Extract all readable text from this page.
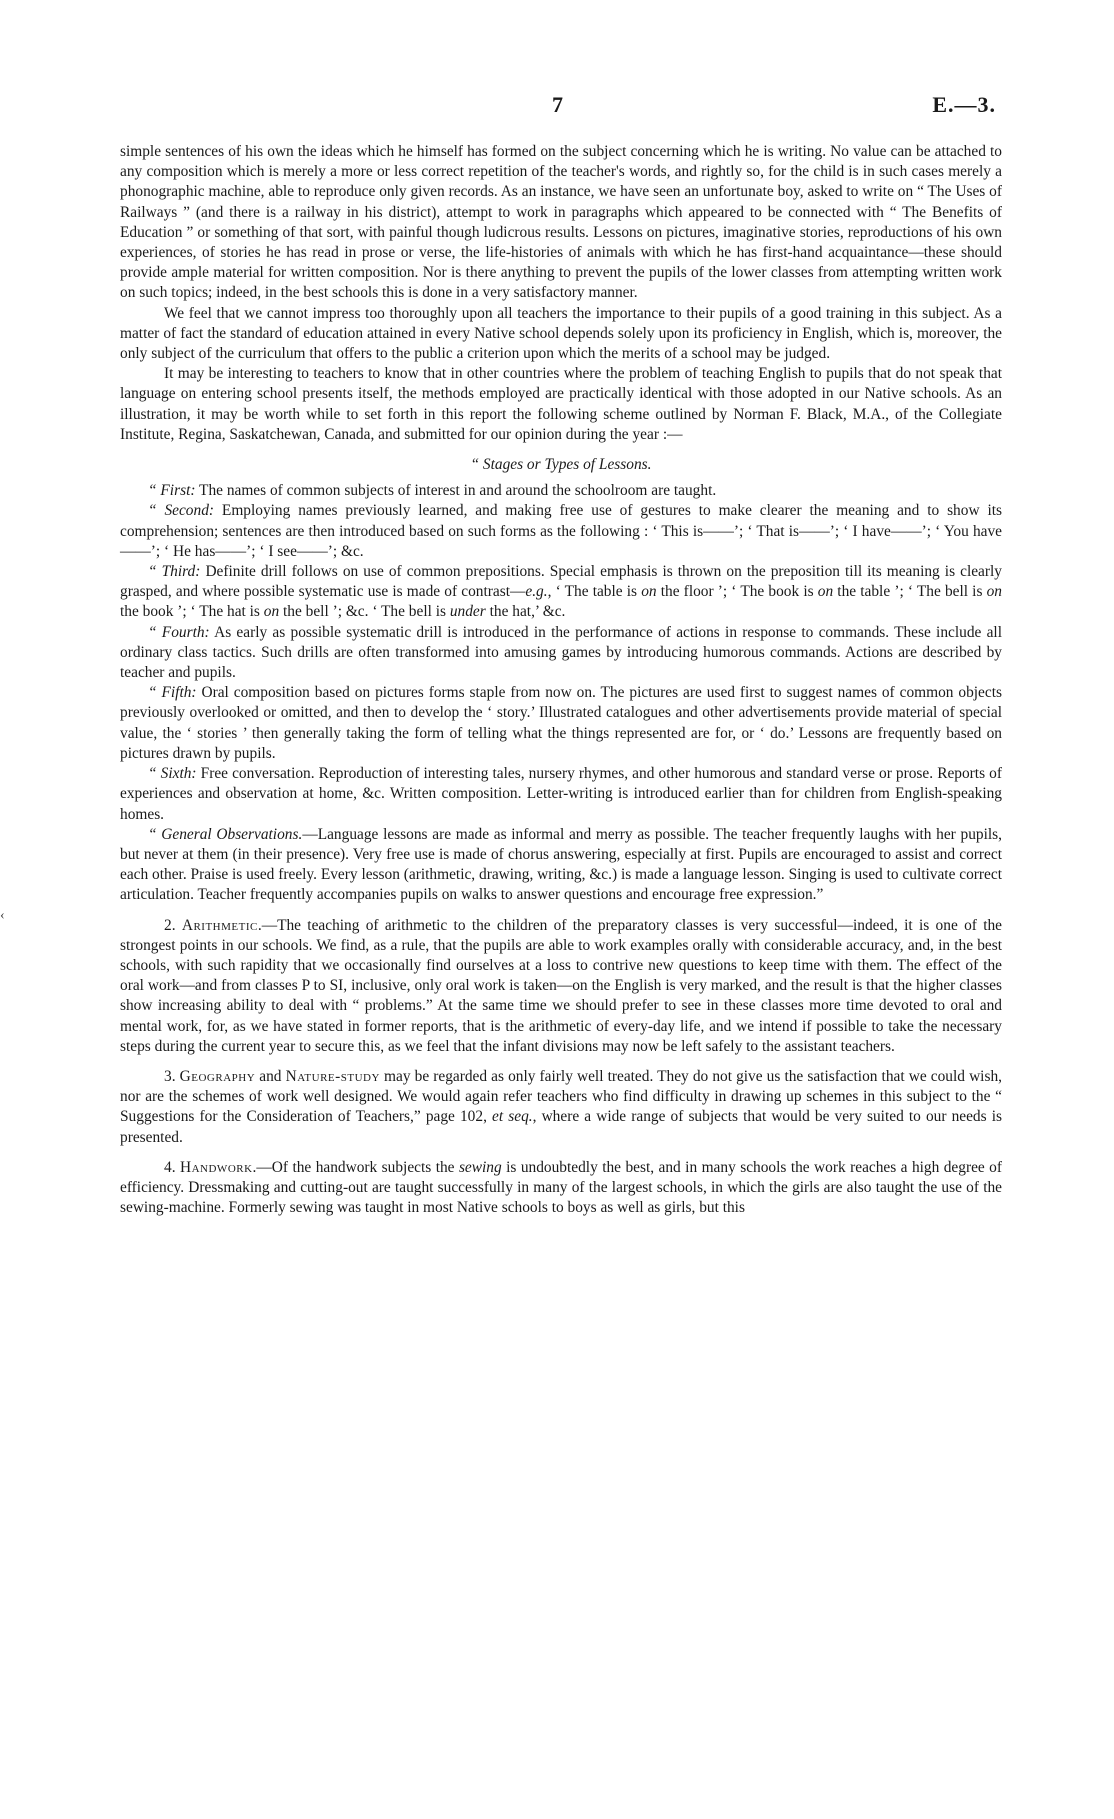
7	E.—3.
‹

simple sentences of his own the ideas which he himself has formed on the subject concerning which he is writing. No value can be attached to any composition which is merely a more or less correct repetition of the teacher's words, and rightly so, for the child is in such cases merely a phonographic machine, able to reproduce only given records. As an instance, we have seen an unfortunate boy, asked to write on “ The Uses of Railways ” (and there is a railway in his district), attempt to work in paragraphs which appeared to be connected with “ The Benefits of Education ” or something of that sort, with painful though ludicrous results. Lessons on pictures, imaginative stories, reproductions of his own experiences, of stories he has read in prose or verse, the life-histories of animals with which he has first-hand acquaintance—these should provide ample material for written composition. Nor is there anything to prevent the pupils of the lower classes from attempting written work on such topics; indeed, in the best schools this is done in a very satisfactory manner.

We feel that we cannot impress too thoroughly upon all teachers the importance to their pupils of a good training in this subject. As a matter of fact the standard of education attained in every Native school depends solely upon its proficiency in English, which is, moreover, the only subject of the curriculum that offers to the public a criterion upon which the merits of a school may be judged.

It may be interesting to teachers to know that in other countries where the problem of teaching English to pupils that do not speak that language on entering school presents itself, the methods employed are practically identical with those adopted in our Native schools. As an illustration, it may be worth while to set forth in this report the following scheme outlined by Norman F. Black, M.A., of the Collegiate Institute, Regina, Saskatchewan, Canada, and submitted for our opinion during the year :—

“ Stages or Types of Lessons.

“ First: The names of common subjects of interest in and around the schoolroom are taught.

“ Second: Employing names previously learned, and making free use of gestures to make clearer the meaning and to show its comprehension; sentences are then introduced based on such forms as the following : ‘ This is——’; ‘ That is——’; ‘ I have——’; ‘ You have——’; ‘ He has——’; ‘ I see——’; &c.

“ Third: Definite drill follows on use of common prepositions. Special emphasis is thrown on the preposition till its meaning is clearly grasped, and where possible systematic use is made of contrast—e.g., ‘ The table is on the floor ’; ‘ The book is on the table ’; ‘ The bell is on the book ’; ‘ The hat is on the bell ’; &c. ‘ The bell is under the hat,’ &c.

“ Fourth: As early as possible systematic drill is introduced in the performance of actions in response to commands. These include all ordinary class tactics. Such drills are often transformed into amusing games by introducing humorous commands. Actions are described by teacher and pupils.

“ Fifth: Oral composition based on pictures forms staple from now on. The pictures are used first to suggest names of common objects previously overlooked or omitted, and then to develop the ‘ story.’ Illustrated catalogues and other advertisements provide material of special value, the ‘ stories ’ then generally taking the form of telling what the things represented are for, or ‘ do.’ Lessons are frequently based on pictures drawn by pupils.

“ Sixth: Free conversation. Reproduction of interesting tales, nursery rhymes, and other humorous and standard verse or prose. Reports of experiences and observation at home, &c. Written composition. Letter-writing is introduced earlier than for children from English-speaking homes.

“ General Observations.—Language lessons are made as informal and merry as possible. The teacher frequently laughs with her pupils, but never at them (in their presence). Very free use is made of chorus answering, especially at first. Pupils are encouraged to assist and correct each other. Praise is used freely. Every lesson (arithmetic, drawing, writing, &c.) is made a language lesson. Singing is used to cultivate correct articulation. Teacher frequently accompanies pupils on walks to answer questions and encourage free expression.”

2. Arithmetic.—The teaching of arithmetic to the children of the preparatory classes is very successful—indeed, it is one of the strongest points in our schools. We find, as a rule, that the pupils are able to work examples orally with considerable accuracy, and, in the best schools, with such rapidity that we occasionally find ourselves at a loss to contrive new questions to keep time with them. The effect of the oral work—and from classes P to SI, inclusive, only oral work is taken—on the English is very marked, and the result is that the higher classes show increasing ability to deal with “ problems.” At the same time we should prefer to see in these classes more time devoted to oral and mental work, for, as we have stated in former reports, that is the arithmetic of every-day life, and we intend if possible to take the necessary steps during the current year to secure this, as we feel that the infant divisions may now be left safely to the assistant teachers.

3. Geography and Nature-study may be regarded as only fairly well treated. They do not give us the satisfaction that we could wish, nor are the schemes of work well designed. We would again refer teachers who find difficulty in drawing up schemes in this subject to the “ Suggestions for the Consideration of Teachers,” page 102, et seq., where a wide range of subjects that would be very suited to our needs is presented.

4. Handwork.—Of the handwork subjects the sewing is undoubtedly the best, and in many schools the work reaches a high degree of efficiency. Dressmaking and cutting-out are taught successfully in many of the largest schools, in which the girls are also taught the use of the sewing-machine. Formerly sewing was taught in most Native schools to boys as well as girls, but this
